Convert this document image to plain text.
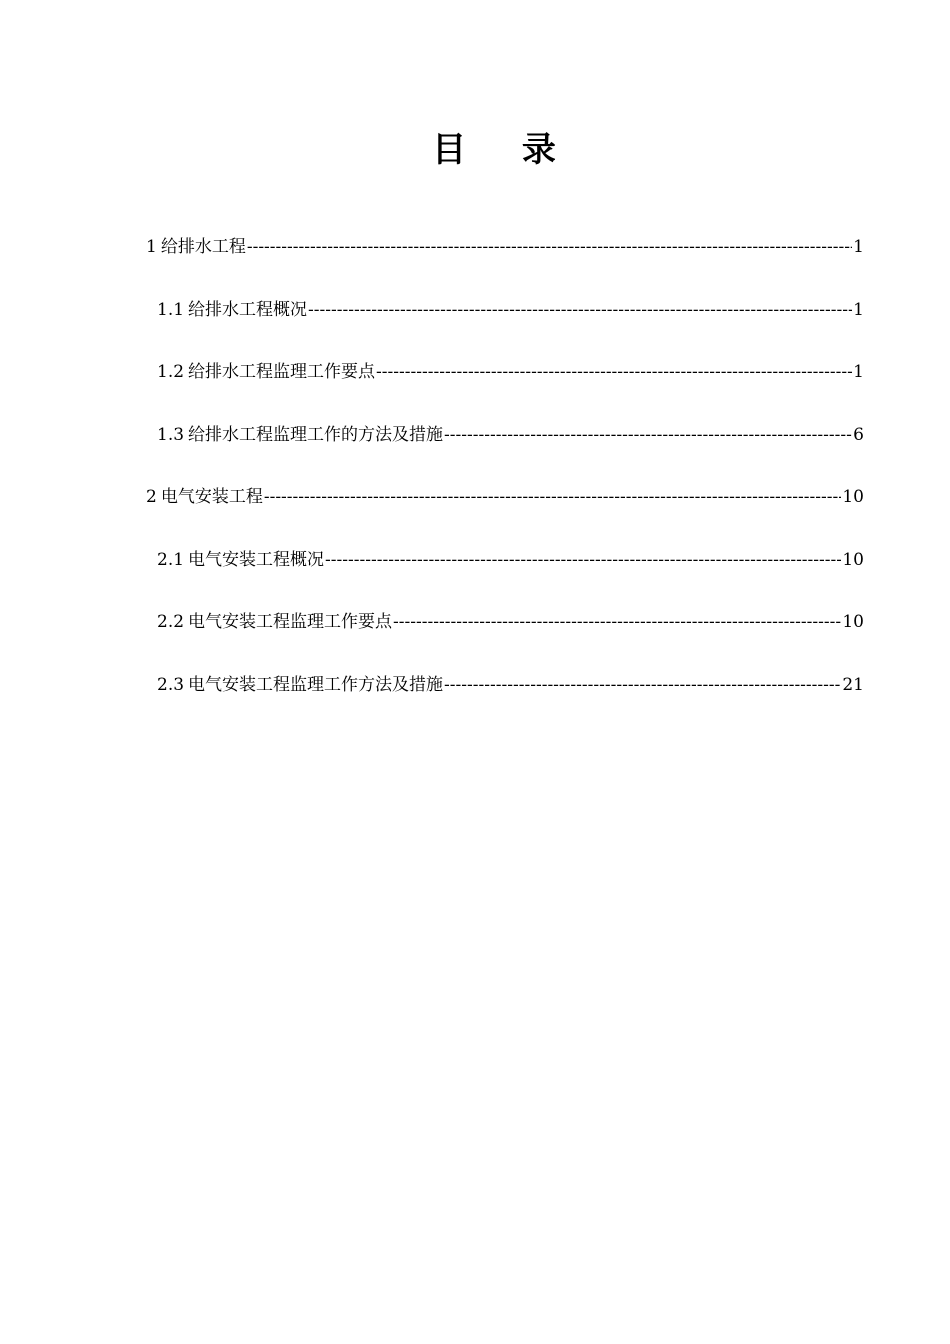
目 录
1 给排水工程 -----	1
1.1 给排水工程概况 -----	1
1.2 给排水工程监理工作要点 -----	1
1.3 给排水工程监理工作的方法及措施 -----	6
2 电气安装工程 -----	10
2.1 电气安装工程概况 -----	10
2.2 电气安装工程监理工作要点 -----	10
2.3 电气安装工程监理工作方法及措施 -----	21
